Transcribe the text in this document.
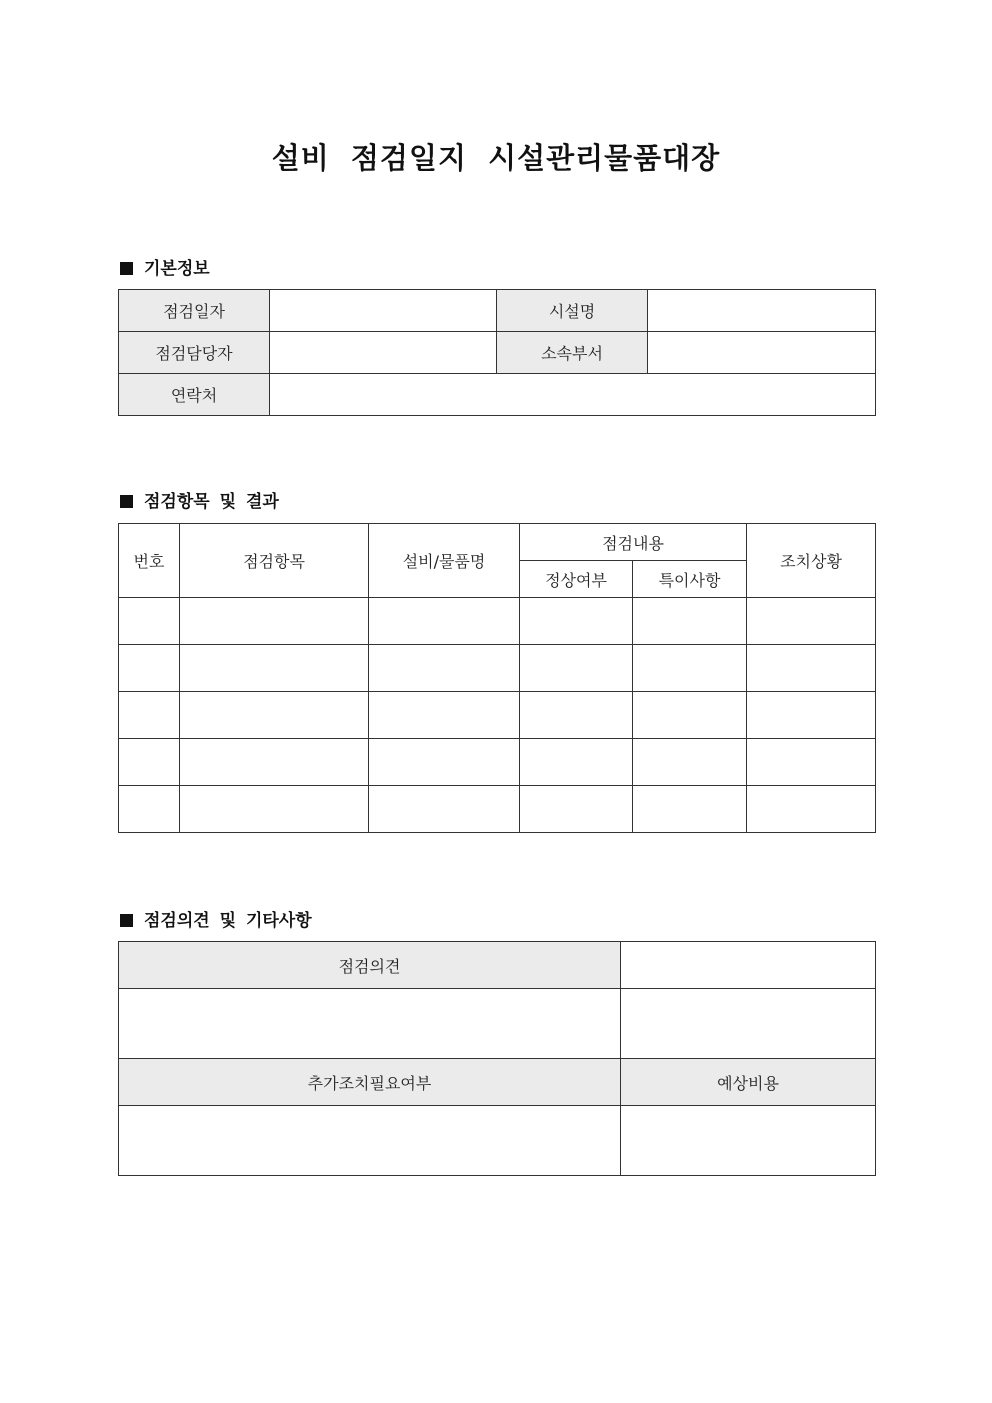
설비 점검일지 시설관리물품대장
기본정보
점검일자		시설명	
점검담당자		소속부서	
연락처			
점검항목 및 결과
번호	점검항목	설비/물품명	점검내용		조치상황
			정상여부	특이사항	

점검의견 및 기타사항
점검의견	

추가조치필요여부	예상비용
